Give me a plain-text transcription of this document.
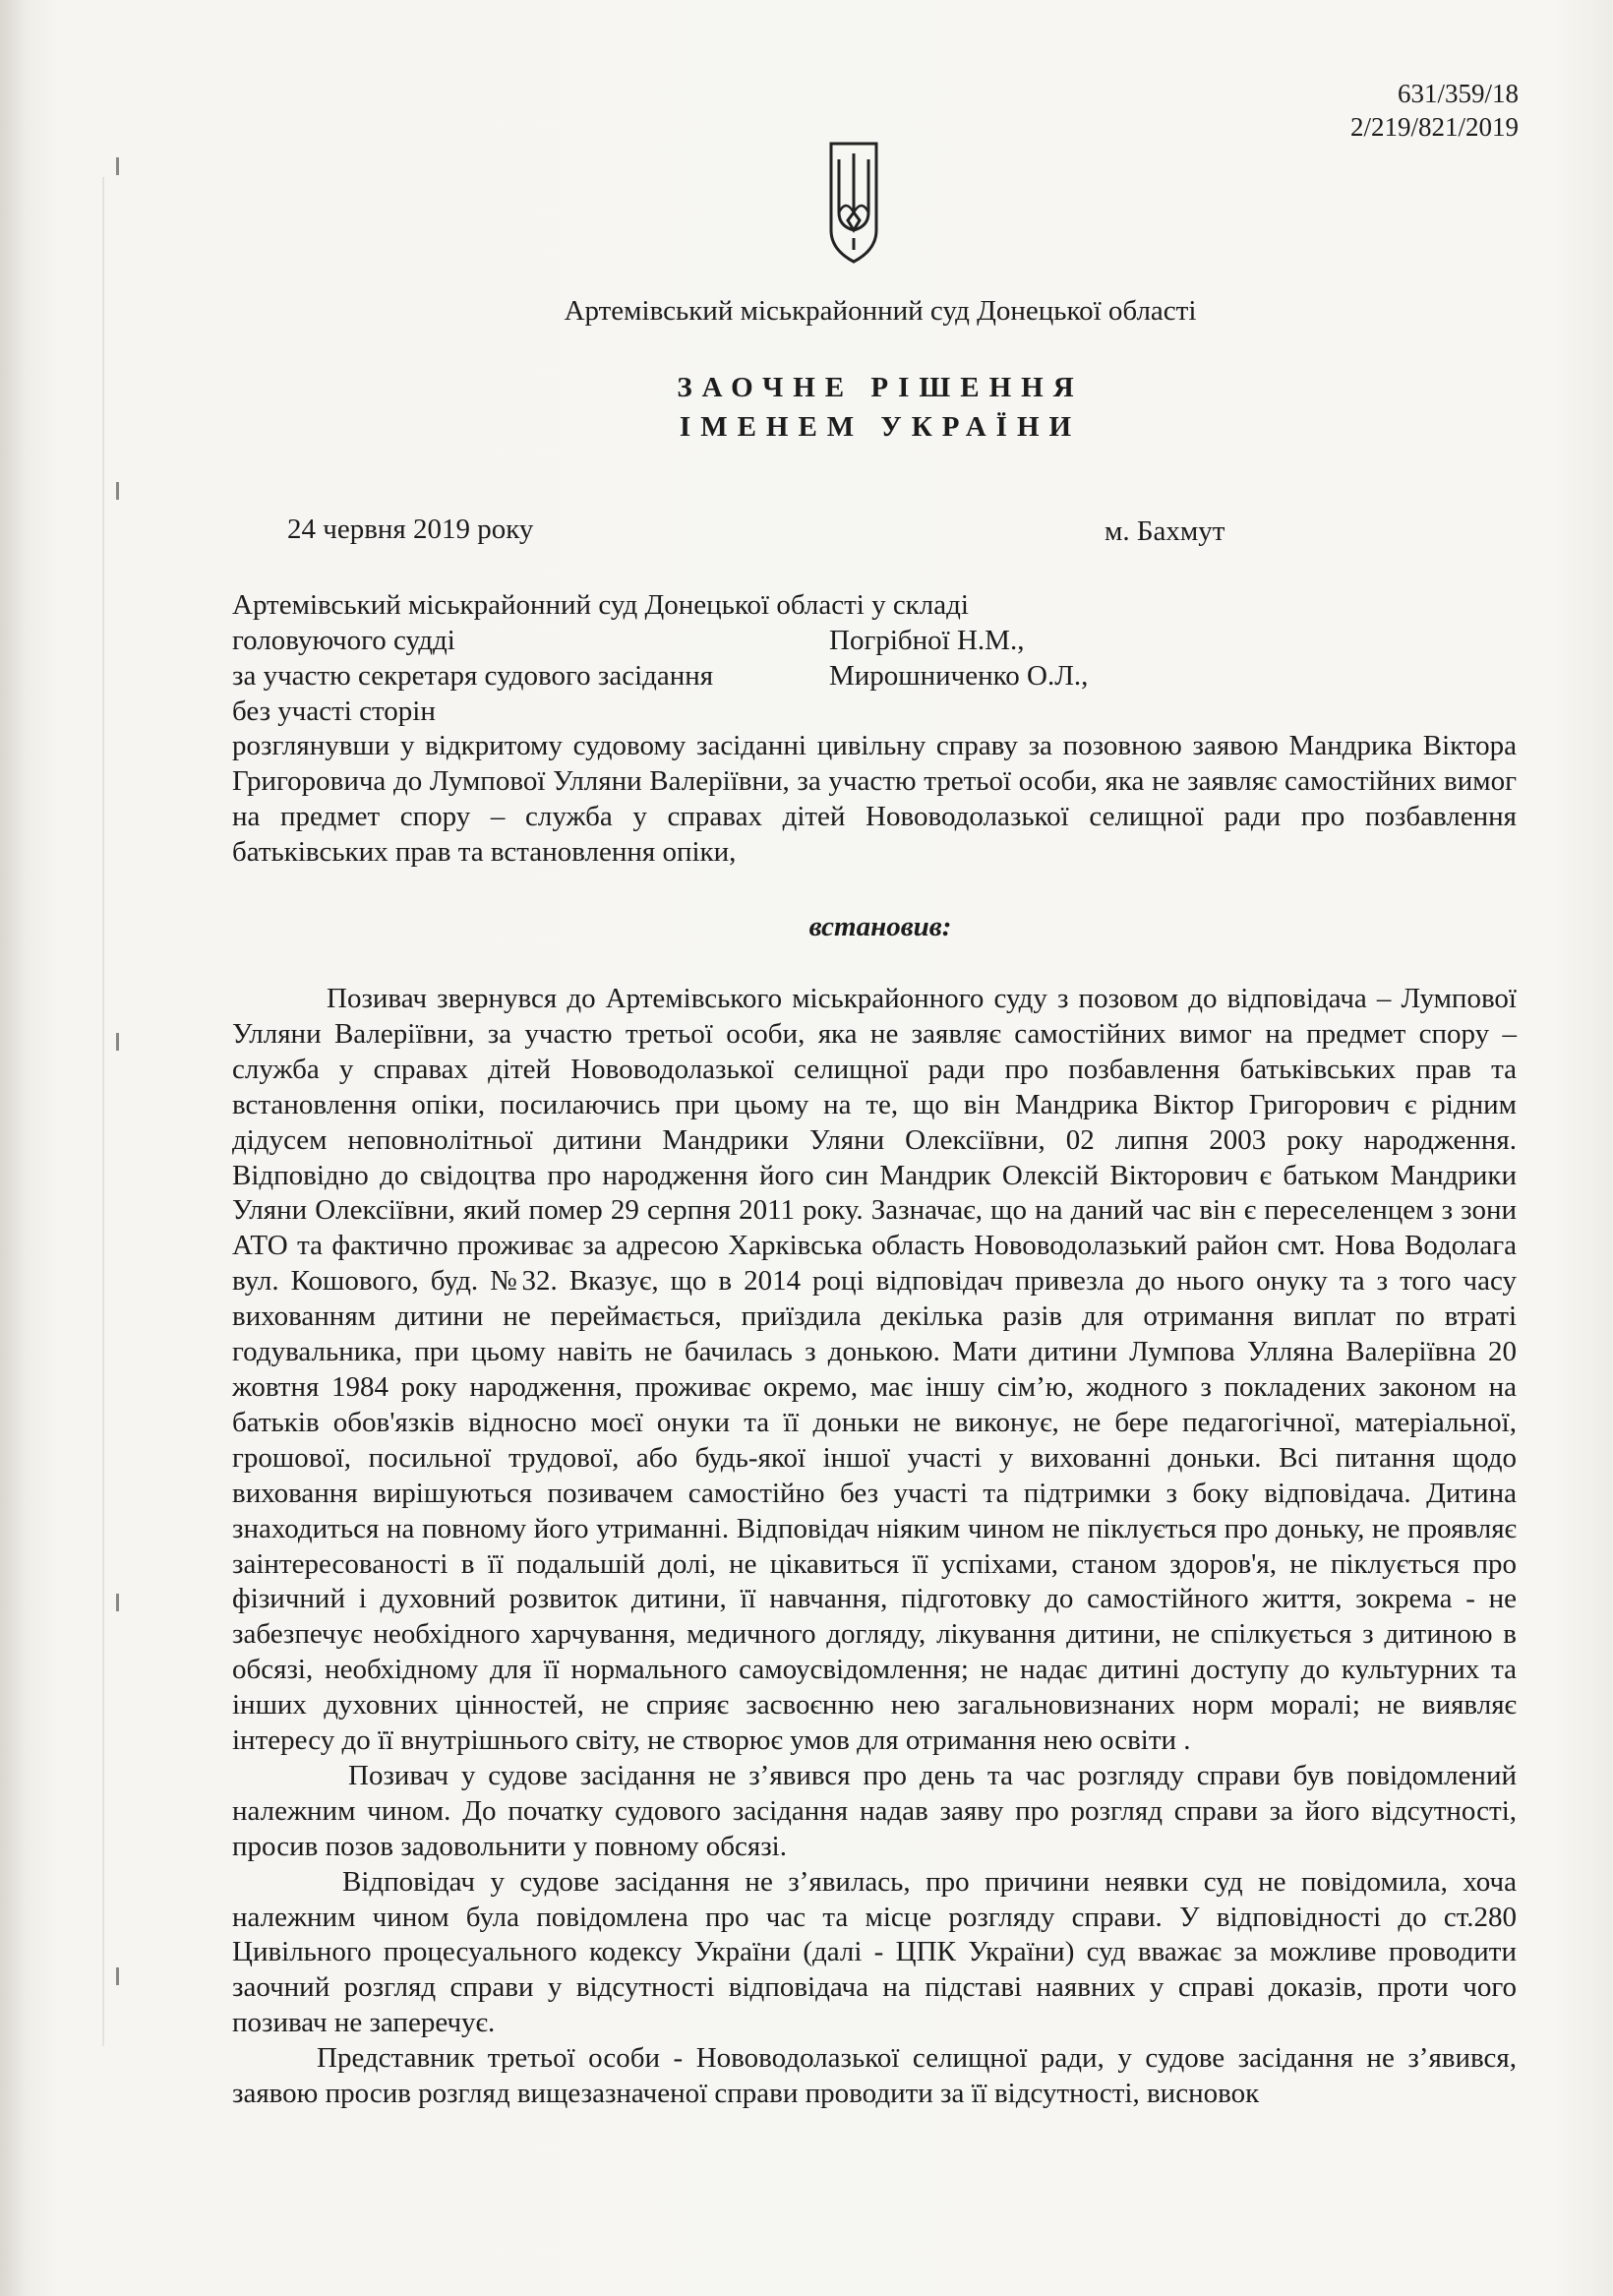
631/359/18
2/219/821/2019
Артемівський міськрайонний суд Донецької області
ЗАОЧНЕ РІШЕННЯ
ІМЕНЕМ УКРАЇНИ
24 червня 2019 року	м. Бахмут
Артемівський міськрайонний суд Донецької області у складі
головуючого судді	Погрібної Н.М.,
за участю секретаря судового засідання	Мирошниченко О.Л.,
без участі сторін

розглянувши у відкритому судовому засіданні цивільну справу за позовною заявою Мандрика Віктора Григоровича до Лумпової Улляни Валеріївни, за участю третьої особи, яка не заявляє самостійних вимог на предмет спору – служба у справах дітей Нововодолазької селищної ради про позбавлення батьківських прав та встановлення опіки,

встановив:

Позивач звернувся до Артемівського міськрайонного суду з позовом до відповідача – Лумпової Улляни Валеріївни, за участю третьої особи, яка не заявляє самостійних вимог на предмет спору – служба у справах дітей Нововодолазької селищної ради про позбавлення батьківських прав та встановлення опіки, посилаючись при цьому на те, що він Мандрика Віктор Григорович є рідним дідусем неповнолітньої дитини Мандрики Уляни Олексіївни, 02 липня 2003 року народження. Відповідно до свідоцтва про народження його син Мандрик Олексій Вікторович є батьком Мандрики Уляни Олексіївни, який помер 29 серпня 2011 року. Зазначає, що на даний час він є переселенцем з зони АТО та фактично проживає за адресою Харківська область Нововодолазький район смт. Нова Водолага вул. Кошового, буд. №32. Вказує, що в 2014 році відповідач привезла до нього онуку та з того часу вихованням дитини не переймається, приїздила декілька разів для отримання виплат по втраті годувальника, при цьому навіть не бачилась з донькою. Мати дитини Лумпова Улляна Валеріївна 20 жовтня 1984 року народження, проживає окремо, має іншу сім’ю, жодного з покладених законом на батьків обов'язків відносно моєї онуки та її доньки не виконує, не бере педагогічної, матеріальної, грошової, посильної трудової, або будь-якої іншої участі у вихованні доньки. Всі питання щодо виховання вирішуються позивачем самостійно без участі та підтримки з боку відповідача. Дитина знаходиться на повному його утриманні. Відповідач ніяким чином не піклується про доньку, не проявляє заінтересованості в її подальшій долі, не цікавиться її успіхами, станом здоров'я, не піклується про фізичний і духовний розвиток дитини, її навчання, підготовку до самостійного життя, зокрема - не забезпечує необхідного харчування, медичного догляду, лікування дитини, не спілкується з дитиною в обсязі, необхідному для її нормального самоусвідомлення; не надає дитині доступу до культурних та інших духовних цінностей, не сприяє засвоєнню нею загальновизнаних норм моралі; не виявляє інтересу до її внутрішнього світу, не створює умов для отримання нею освіти .

Позивач у судове засідання не з’явився про день та час розгляду справи був повідомлений належним чином. До початку судового засідання надав заяву про розгляд справи за його відсутності, просив позов задовольнити у повному обсязі.

Відповідач у судове засідання не з’явилась, про причини неявки суд не повідомила, хоча належним чином була повідомлена про час та місце розгляду справи. У відповідності до ст.280 Цивільного процесуального кодексу України (далі - ЦПК України) суд вважає за можливе проводити заочний розгляд справи у відсутності відповідача на підставі наявних у справі доказів, проти чого позивач не заперечує.

Представник третьої особи - Нововодолазької селищної ради, у судове засідання не з’явився, заявою просив розгляд вищезазначеної справи проводити за її відсутності, висновок
